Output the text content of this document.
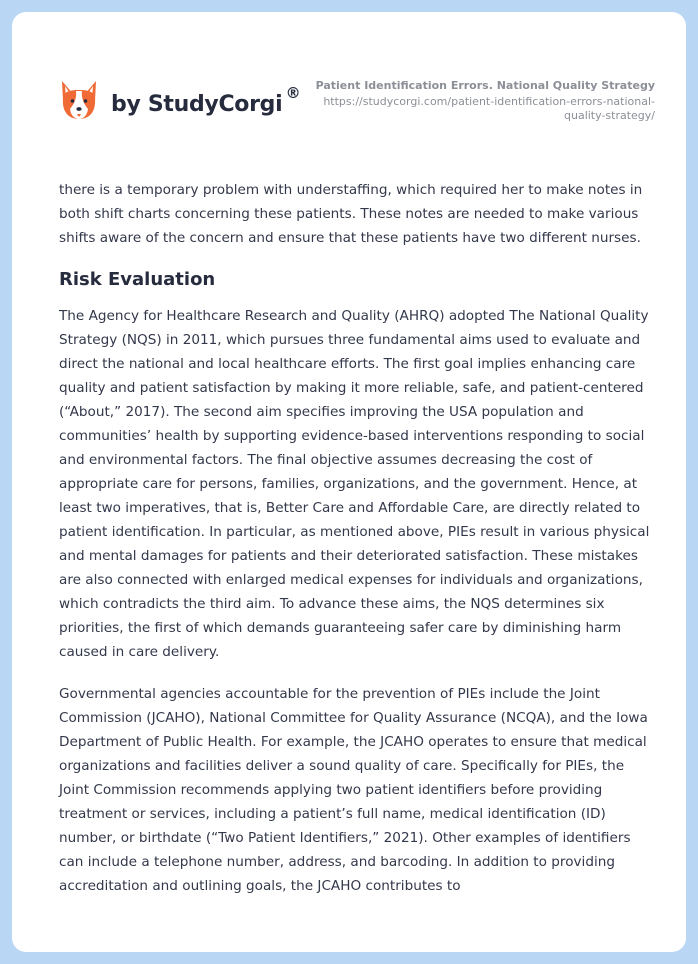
by StudyCorgi ®	Patient Identification Errors. National Quality Strategy
https://studycorgi.com/patient-identification-errors-national-quality-strategy/

there is a temporary problem with understaffing, which required her to make notes in both shift charts concerning these patients. These notes are needed to make various shifts aware of the concern and ensure that these patients have two different nurses.

Risk Evaluation

The Agency for Healthcare Research and Quality (AHRQ) adopted The National Quality Strategy (NQS) in 2011, which pursues three fundamental aims used to evaluate and direct the national and local healthcare efforts. The first goal implies enhancing care quality and patient satisfaction by making it more reliable, safe, and patient-centered (“About,” 2017). The second aim specifies improving the USA population and communities’ health by supporting evidence-based interventions responding to social and environmental factors. The final objective assumes decreasing the cost of appropriate care for persons, families, organizations, and the government. Hence, at least two imperatives, that is, Better Care and Affordable Care, are directly related to patient identification. In particular, as mentioned above, PIEs result in various physical and mental damages for patients and their deteriorated satisfaction. These mistakes are also connected with enlarged medical expenses for individuals and organizations, which contradicts the third aim. To advance these aims, the NQS determines six priorities, the first of which demands guaranteeing safer care by diminishing harm caused in care delivery.

Governmental agencies accountable for the prevention of PIEs include the Joint Commission (JCAHO), National Committee for Quality Assurance (NCQA), and the Iowa Department of Public Health. For example, the JCAHO operates to ensure that medical organizations and facilities deliver a sound quality of care. Specifically for PIEs, the Joint Commission recommends applying two patient identifiers before providing treatment or services, including a patient’s full name, medical identification (ID) number, or birthdate (“Two Patient Identifiers,” 2021). Other examples of identifiers can include a telephone number, address, and barcoding. In addition to providing accreditation and outlining goals, the JCAHO contributes to
